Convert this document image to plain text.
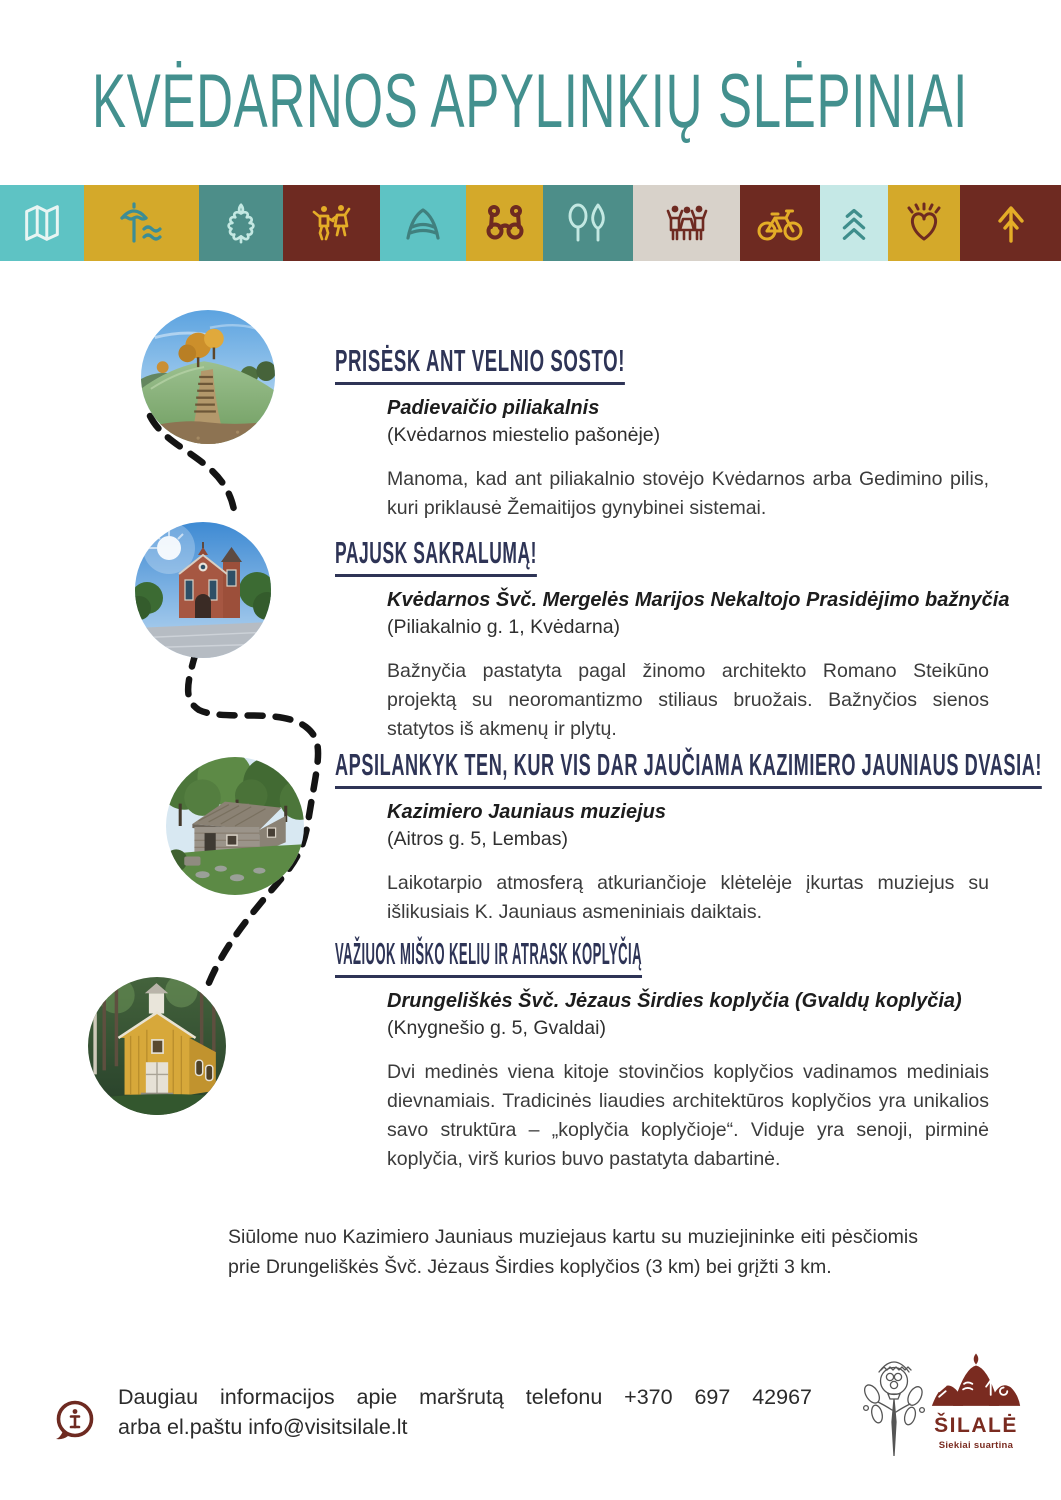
KVĖDARNOS APYLINKIŲ SLĖPINIAI
PRISĖSK ANT VELNIO SOSTO!
Padievaičio piliakalnis
(Kvėdarnos miestelio pašonėje)
Manoma, kad ant piliakalnio stovėjo Kvėdarnos arba Gedimino pilis, kuri priklausė Žemaitijos gynybinei sistemai.
PAJUSK SAKRALUMĄ!
Kvėdarnos Švč. Mergelės Marijos Nekaltojo Prasidėjimo bažnyčia
(Piliakalnio g. 1, Kvėdarna)
Bažnyčia pastatyta pagal žinomo architekto Romano Steikūno projektą su neoromantizmo stiliaus bruožais. Bažnyčios sienos statytos iš akmenų ir plytų.
APSILANKYK TEN, KUR VIS DAR JAUČIAMA KAZIMIERO JAUNIAUS DVASIA!
Kazimiero Jauniaus muziejus
(Aitros g. 5, Lembas)
Laikotarpio atmosferą atkuriančioje klėtelėje įkurtas muziejus su išlikusiais K. Jauniaus asmeniniais daiktais.
VAŽIUOK MIŠKO KELIU IR ATRASK KOPLYČIĄ
Drungeliškės Švč. Jėzaus Širdies koplyčia (Gvaldų koplyčia)
(Knygnešio g. 5, Gvaldai)
Dvi medinės viena kitoje stovinčios koplyčios vadinamos mediniais dievnamiais. Tradicinės liaudies architektūros koplyčios yra unikalios savo struktūra – „koplyčia koplyčioje“. Viduje yra senoji, pirminė koplyčia, virš kurios buvo pastatyta dabartinė.
Siūlome nuo Kazimiero Jauniaus muziejaus kartu su muziejininke eiti pėsčiomis prie Drungeliškės Švč. Jėzaus Širdies koplyčios (3 km) bei grįžti 3 km.
Daugiau informacijos apie maršrutą telefonu +370 697 42967
arba el.paštu info@visitsilale.lt	ŠILALĖ
Siekiai suartina
